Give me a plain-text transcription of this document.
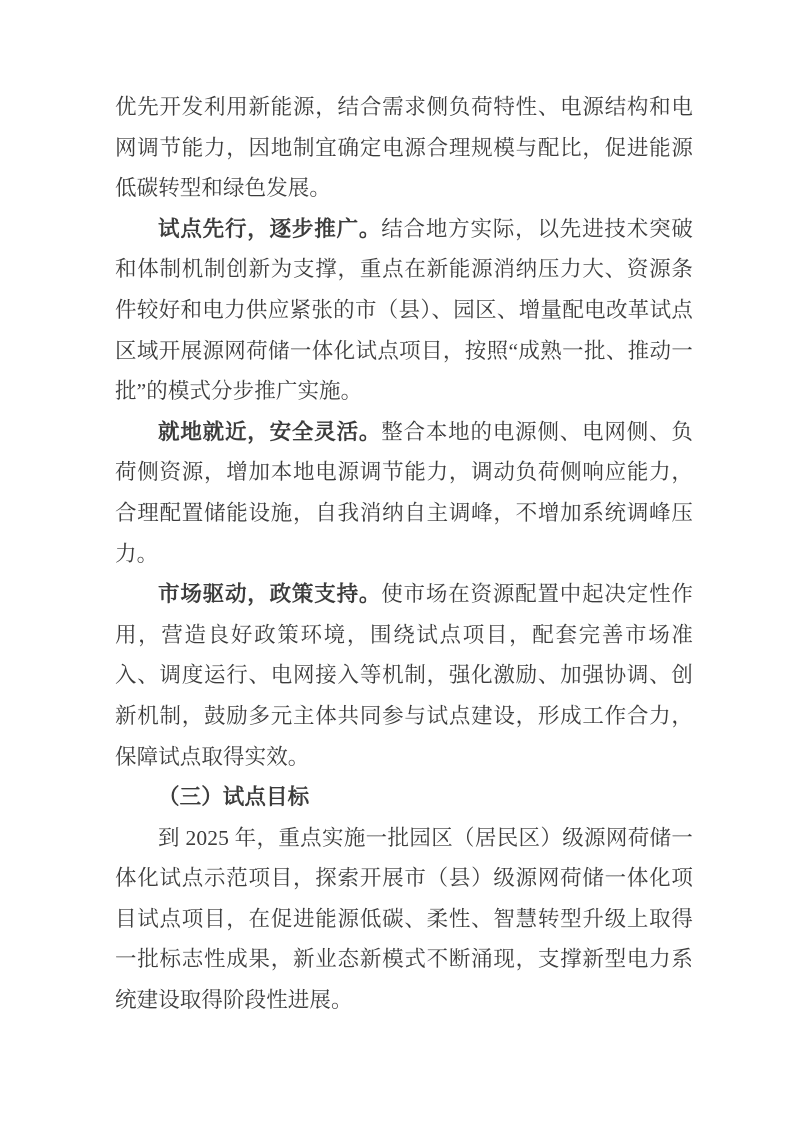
优先开发利用新能源，结合需求侧负荷特性、电源结构和电网调节能力，因地制宜确定电源合理规模与配比，促进能源低碳转型和绿色发展。

试点先行，逐步推广。结合地方实际，以先进技术突破和体制机制创新为支撑，重点在新能源消纳压力大、资源条件较好和电力供应紧张的市（县）、园区、增量配电改革试点区域开展源网荷储一体化试点项目，按照“成熟一批、推动一批”的模式分步推广实施。

就地就近，安全灵活。整合本地的电源侧、电网侧、负荷侧资源，增加本地电源调节能力，调动负荷侧响应能力，合理配置储能设施，自我消纳自主调峰，不增加系统调峰压力。

市场驱动，政策支持。使市场在资源配置中起决定性作用，营造良好政策环境，围绕试点项目，配套完善市场准入、调度运行、电网接入等机制，强化激励、加强协调、创新机制，鼓励多元主体共同参与试点建设，形成工作合力，保障试点取得实效。

（三）试点目标

到 2025 年，重点实施一批园区（居民区）级源网荷储一体化试点示范项目，探索开展市（县）级源网荷储一体化项目试点项目，在促进能源低碳、柔性、智慧转型升级上取得一批标志性成果，新业态新模式不断涌现，支撑新型电力系统建设取得阶段性进展。
